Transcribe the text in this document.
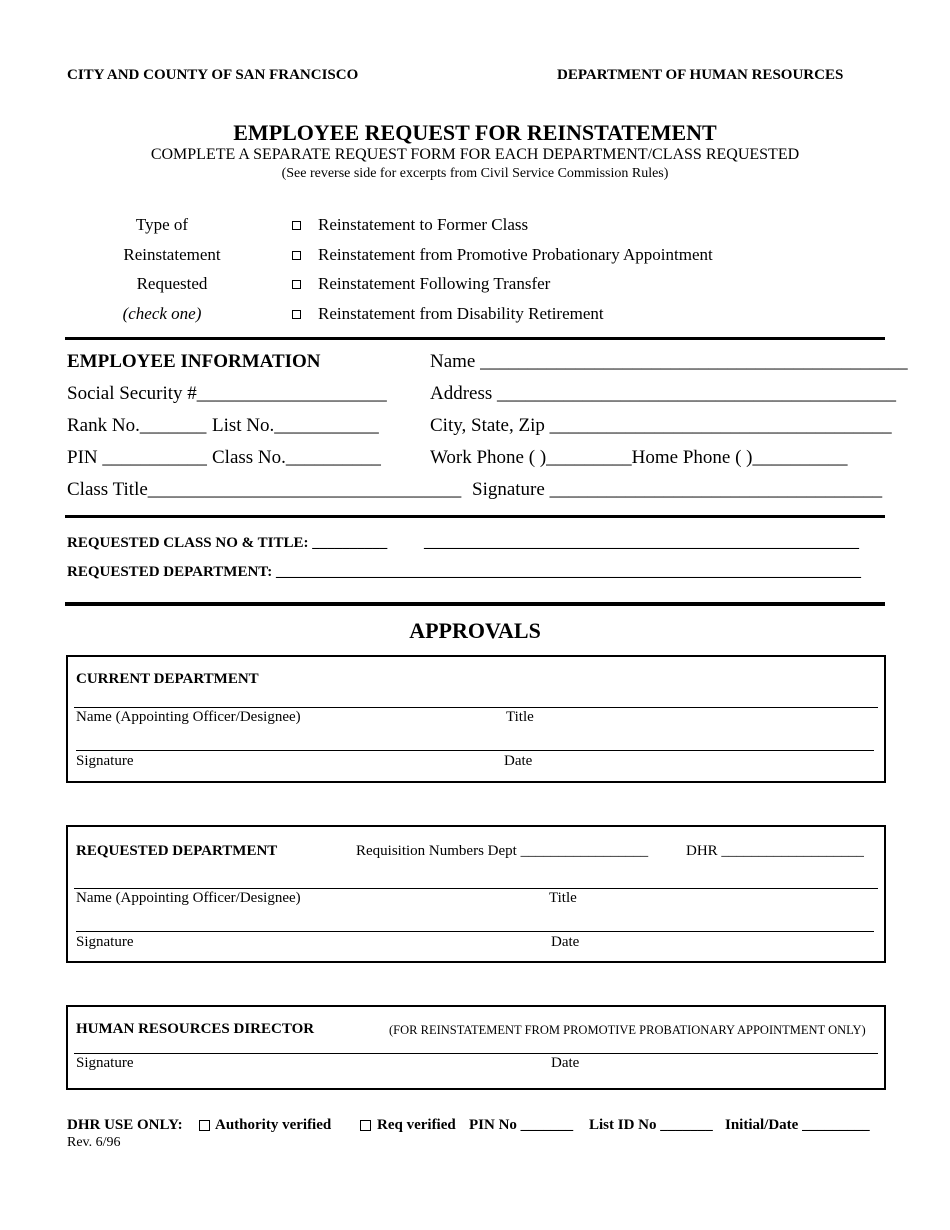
CITY AND COUNTY OF SAN FRANCISCO	DEPARTMENT OF HUMAN RESOURCES
EMPLOYEE REQUEST FOR REINSTATEMENT
COMPLETE A SEPARATE REQUEST FORM FOR EACH DEPARTMENT/CLASS REQUESTED
(See reverse side for excerpts from Civil Service Commission Rules)
Type of
Reinstatement
Requested
(check one)
Reinstatement to Former Class
Reinstatement from Promotive Probationary Appointment
Reinstatement Following Transfer
Reinstatement from Disability Retirement
EMPLOYEE INFORMATION	Name _____________________________________________
Social Security #____________________ Address __________________________________________
Rank No._______ List No.___________	City, State, Zip ____________________________________
PIN ___________ Class No.__________	Work Phone ( )_________Home Phone ( )__________
Class Title_________________________________ Signature ___________________________________
REQUESTED CLASS NO & TITLE: __________ __________________________________________________________
REQUESTED DEPARTMENT: ______________________________________________________________________________
APPROVALS
CURRENT DEPARTMENT
Name (Appointing Officer/Designee)	Title
Signature	Date
REQUESTED DEPARTMENT	Requisition Numbers Dept _________________	DHR ___________________
Name (Appointing Officer/Designee)	Title
Signature	Date
HUMAN RESOURCES DIRECTOR	(FOR REINSTATEMENT FROM PROMOTIVE PROBATIONARY APPOINTMENT ONLY)
Signature	Date
DHR USE ONLY: Authority verified	Req verified PIN No _______ List ID No _______ Initial/Date _________
Rev. 6/96
